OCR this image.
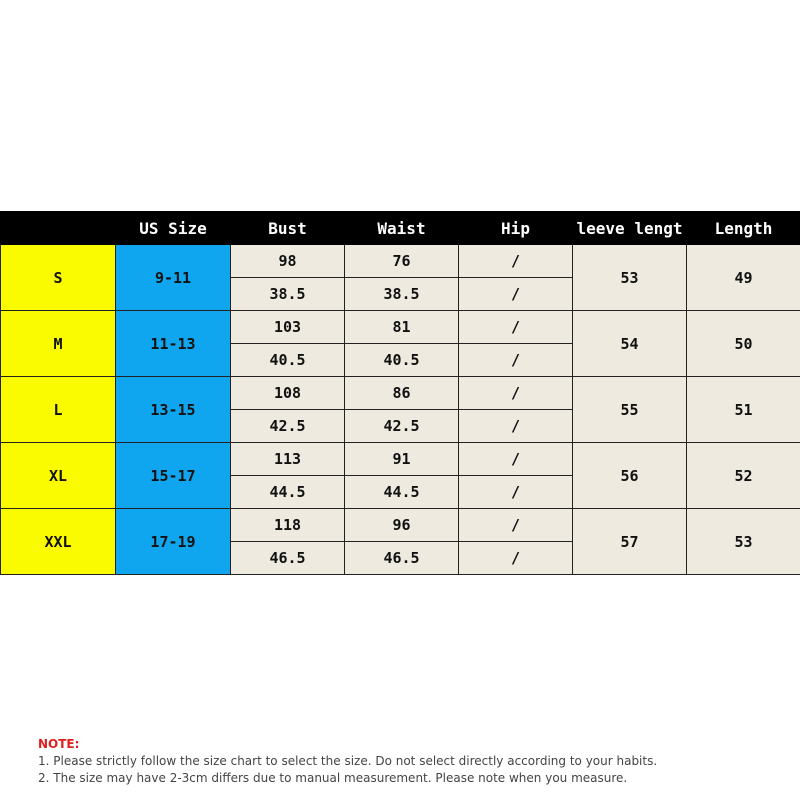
	US Size	Bust	Waist	Hip	leeve lengt	Length
S	9-11	98	76	/	53	49
		38.5	38.5	/		
M	11-13	103	81	/	54	50
		40.5	40.5	/		
L	13-15	108	86	/	55	51
		42.5	42.5	/		
XL	15-17	113	91	/	56	52
		44.5	44.5	/		
XXL	17-19	118	96	/	57	53
		46.5	46.5	/		
NOTE:
1. Please strictly follow the size chart to select the size. Do not select directly according to your habits.
2. The size may have 2-3cm differs due to manual measurement. Please note when you measure.
